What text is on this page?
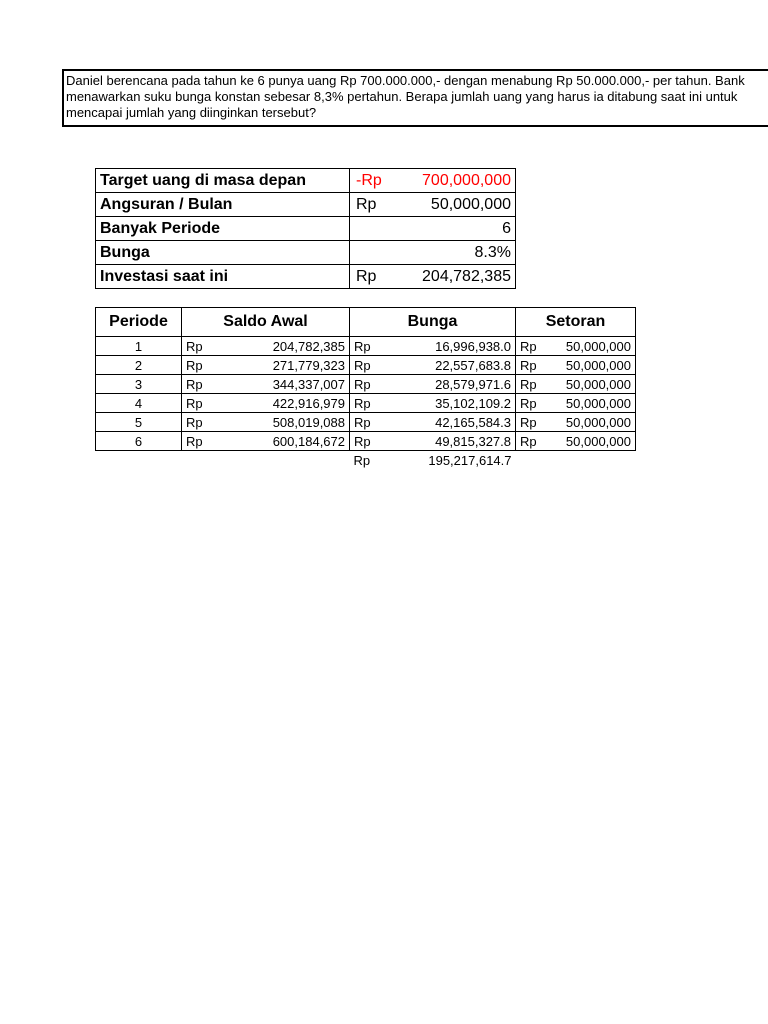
Daniel berencana pada tahun ke 6 punya uang Rp 700.000.000,- dengan menabung Rp 50.000.000,- per tahun. Bank
menawarkan suku bunga konstan sebesar 8,3% pertahun. Berapa jumlah uang yang harus ia ditabung saat ini untuk
mencapai jumlah yang diinginkan tersebut?
Target uang di masa depan	-Rp	700,000,000
Angsuran / Bulan	Rp	50,000,000
Banyak Periode	6	
Bunga	8.3%	
Investasi saat ini	Rp	204,782,385
Periode	Saldo Awal		Bunga		Setoran	
1	Rp	204,782,385	Rp	16,996,938.0	Rp	50,000,000
2	Rp	271,779,323	Rp	22,557,683.8	Rp	50,000,000
3	Rp	344,337,007	Rp	28,579,971.6	Rp	50,000,000
4	Rp	422,916,979	Rp	35,102,109.2	Rp	50,000,000
5	Rp	508,019,088	Rp	42,165,584.3	Rp	50,000,000
6	Rp	600,184,672	Rp	49,815,327.8	Rp	50,000,000
			Rp	195,217,614.7		
